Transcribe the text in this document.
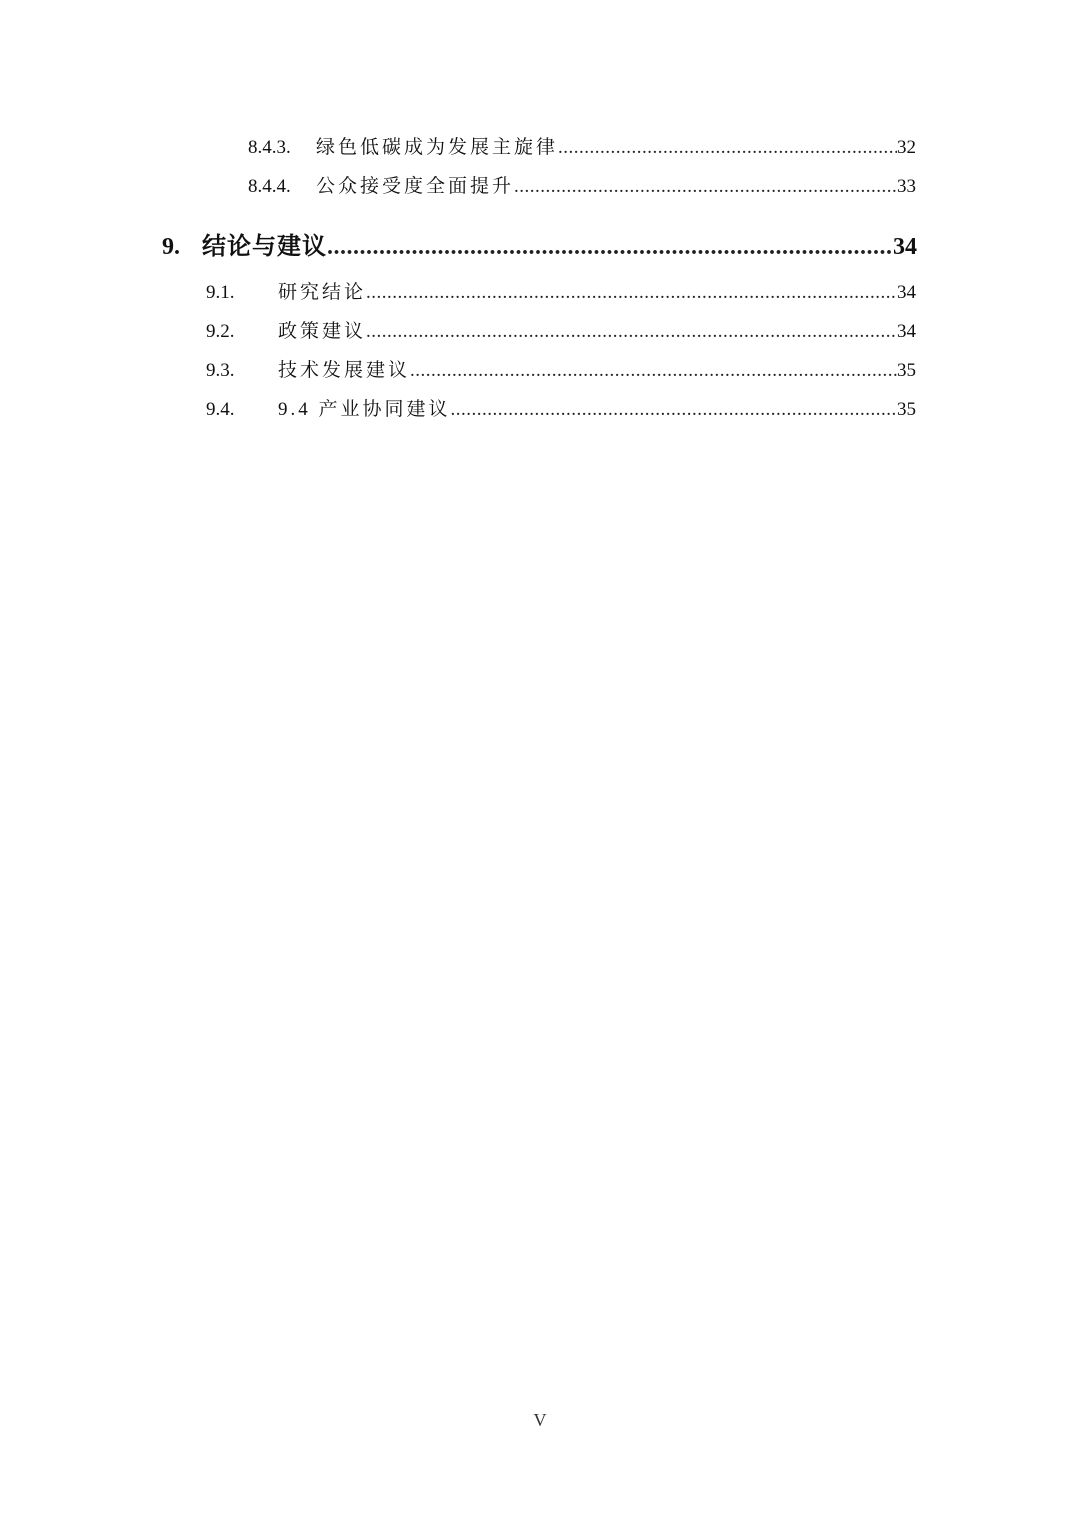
8.4.3.	绿色低碳成为发展主旋律 .....	32
8.4.4.	公众接受度全面提升 .....	33
9. 结论与建议 .....	34
9.1.	研究结论 .....	34
9.2.	政策建议 .....	34
9.3.	技术发展建议 .....	35
9.4.	9.4 产业协同建议 .....	35
V
